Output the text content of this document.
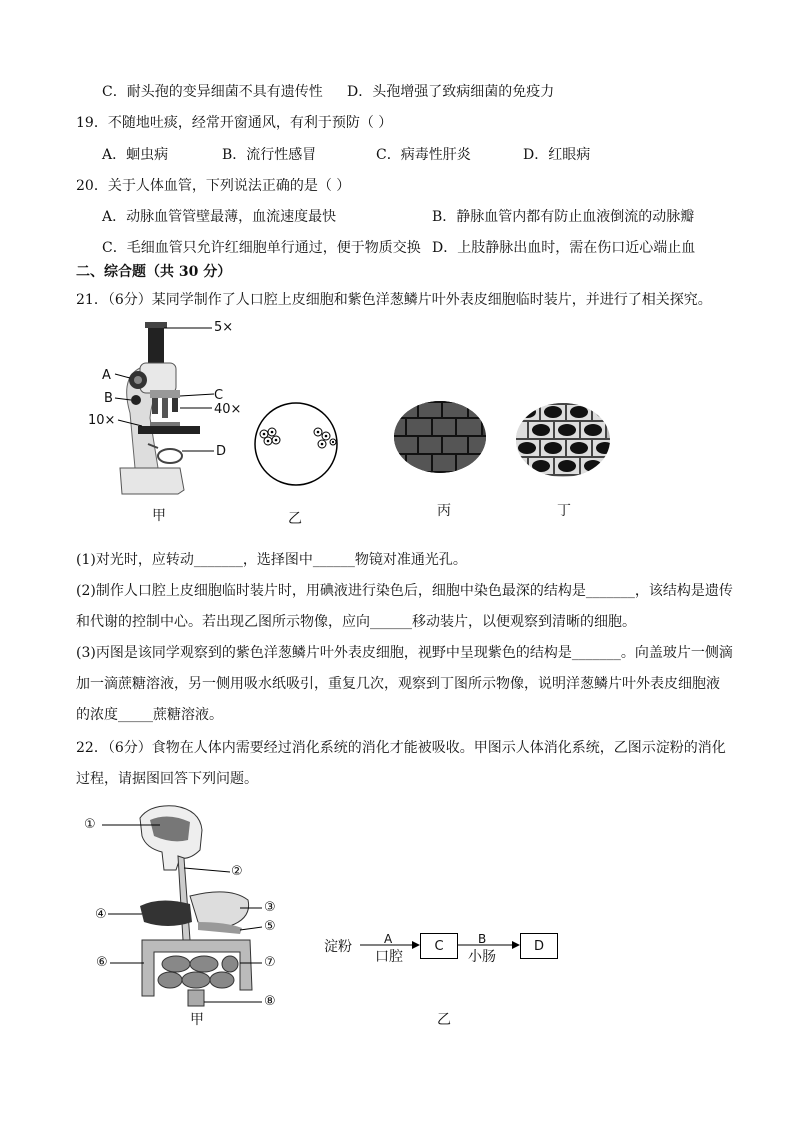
C．耐头孢的变异细菌不具有遗传性 D．头孢增强了致病细菌的免疫力
19．不随地吐痰，经常开窗通风，有利于预防（ ）
A．蛔虫病	B．流行性感冒	C．病毒性肝炎	D．红眼病
20．关于人体血管，下列说法正确的是（ ）
A．动脉血管管壁最薄，血流速度最快	B．静脉血管内都有防止血液倒流的动脉瓣
C．毛细血管只允许红细胞单行通过，便于物质交换 D．上肢静脉出血时，需在伤口近心端止血
二、综合题（共 30 分）
21．（6分）某同学制作了人口腔上皮细胞和紫色洋葱鳞片叶外表皮细胞临时装片，并进行了相关探究。
5×
A
B	C
40×
10×
D
甲	乙	丙	丁
(1)对光时，应转动_______，选择图中______物镜对准通光孔。
(2)制作人口腔上皮细胞临时装片时，用碘液进行染色后，细胞中染色最深的结构是_______，该结构是遗传
和代谢的控制中心。若出现乙图所示物像，应向______移动装片，以便观察到清晰的细胞。
(3)丙图是该同学观察到的紫色洋葱鳞片叶外表皮细胞，视野中呈现紫色的结构是_______。向盖玻片一侧滴
加一滴蔗糖溶液，另一侧用吸水纸吸引，重复几次，观察到丁图所示物像，说明洋葱鳞片叶外表皮细胞液
的浓度_____蔗糖溶液。
22．（6分）食物在人体内需要经过消化系统的消化才能被吸收。甲图示人体消化系统，乙图示淀粉的消化
过程，请据图回答下列问题。
①
②
③
④
⑤
⑥	⑦
⑧
甲
淀粉	A
口腔
C	B
小肠
D
乙
